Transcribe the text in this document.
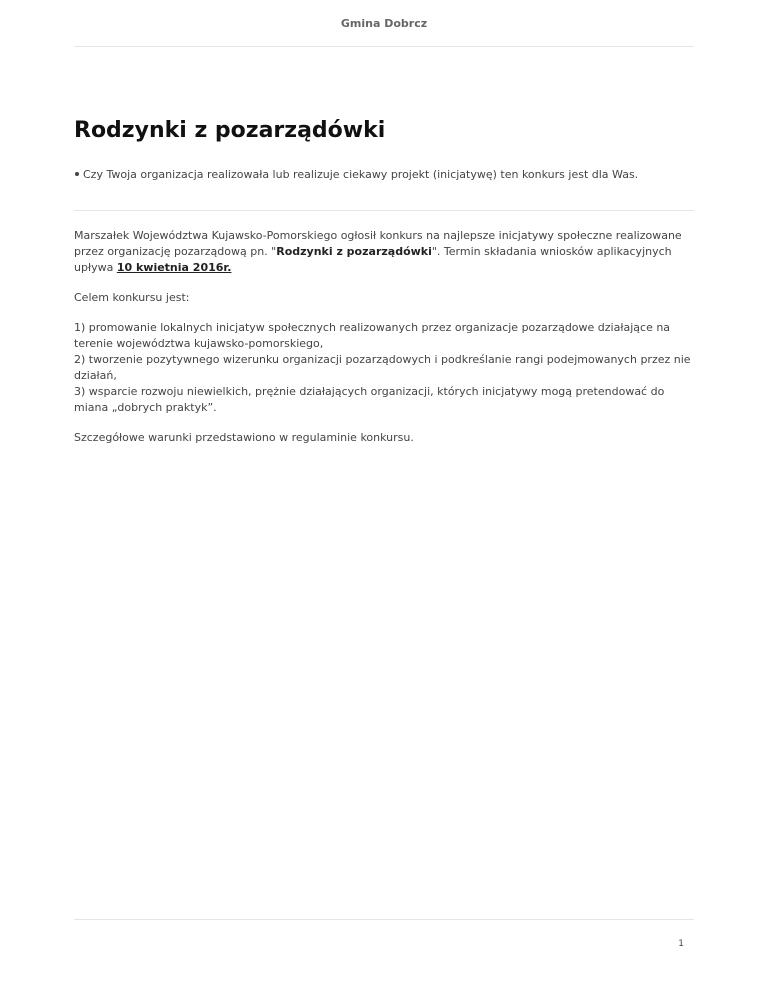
Gmina Dobrcz
Rodzynki z pozarządówki
Czy Twoja organizacja realizowała lub realizuje ciekawy projekt (inicjatywę) ten konkurs jest dla Was.

Marszałek Województwa Kujawsko-Pomorskiego ogłosił konkurs na najlepsze inicjatywy społeczne realizowane przez organizację pozarządową pn. "Rodzynki z pozarządówki". Termin składania wniosków aplikacyjnych upływa 10 kwietnia 2016r.

Celem konkursu jest:

1) promowanie lokalnych inicjatyw społecznych realizowanych przez organizacje pozarządowe działające na terenie województwa kujawsko-pomorskiego,
2) tworzenie pozytywnego wizerunku organizacji pozarządowych i podkreślanie rangi podejmowanych przez nie działań,
3) wsparcie rozwoju niewielkich, prężnie działających organizacji, których inicjatywy mogą pretendować do miana „dobrych praktyk”.

Szczegółowe warunki przedstawiono w regulaminie konkursu.

1
